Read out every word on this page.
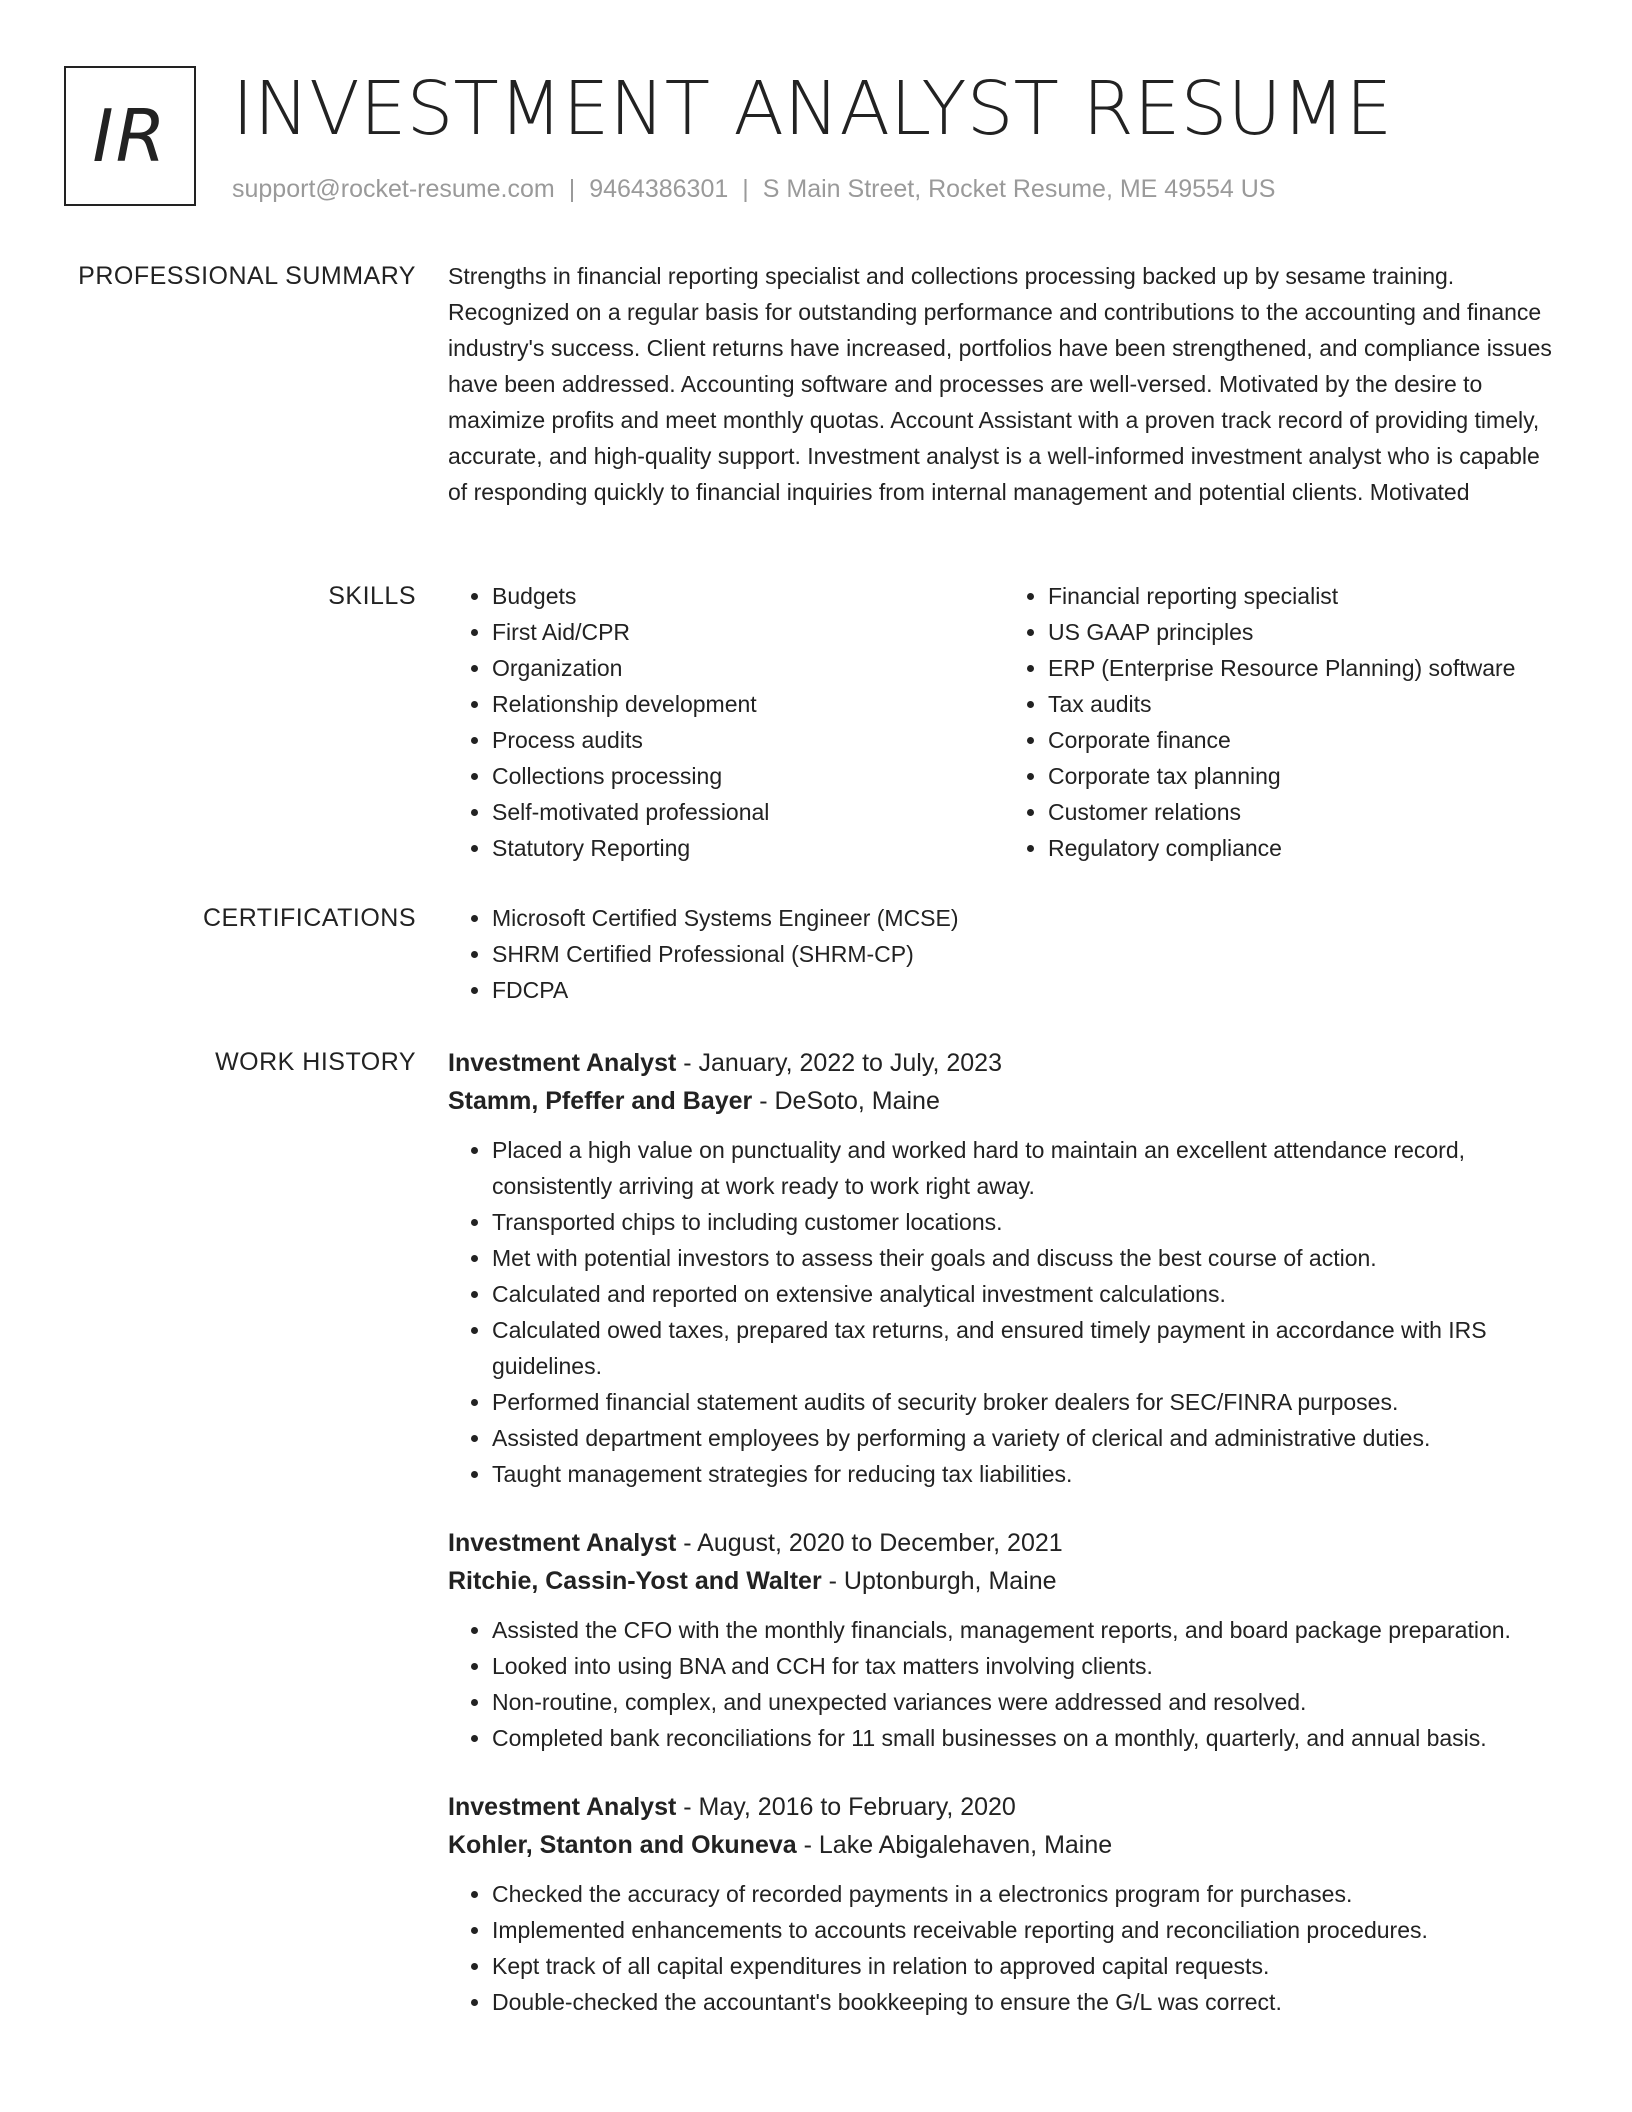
IR INVESTMENT ANALYST RESUME
support@rocket-resume.com | 9464386301 | S Main Street, Rocket Resume, ME 49554 US
PROFESSIONAL SUMMARY Strengths in financial reporting specialist and collections processing backed up by sesame training. Recognized on a regular basis for outstanding performance and contributions to the accounting and finance industry's success. Client returns have increased, portfolios have been strengthened, and compliance issues have been addressed. Accounting software and processes are well-versed. Motivated by the desire to maximize profits and meet monthly quotas. Account Assistant with a proven track record of providing timely, accurate, and high-quality support. Investment analyst is a well-informed investment analyst who is capable of responding quickly to financial inquiries from internal management and potential clients. Motivated
SKILLS	• Budgets
• First Aid/CPR
• Organization
• Relationship development
• Process audits
• Collections processing
• Self-motivated professional
• Statutory Reporting
• Financial reporting specialist
• US GAAP principles
• ERP (Enterprise Resource Planning) software
• Tax audits
• Corporate finance
• Corporate tax planning
• Customer relations
• Regulatory compliance
CERTIFICATIONS	• Microsoft Certified Systems Engineer (MCSE)
• SHRM Certified Professional (SHRM-CP)
• FDCPA
WORK HISTORY Investment Analyst - January, 2022 to July, 2023
Stamm, Pfeffer and Bayer - DeSoto, Maine
• Placed a high value on punctuality and worked hard to maintain an excellent attendance record, consistently arriving at work ready to work right away.
• Transported chips to including customer locations.
• Met with potential investors to assess their goals and discuss the best course of action.
• Calculated and reported on extensive analytical investment calculations.
• Calculated owed taxes, prepared tax returns, and ensured timely payment in accordance with IRS guidelines.
• Performed financial statement audits of security broker dealers for SEC/FINRA purposes.
• Assisted department employees by performing a variety of clerical and administrative duties.
• Taught management strategies for reducing tax liabilities.
Investment Analyst - August, 2020 to December, 2021
Ritchie, Cassin-Yost and Walter - Uptonburgh, Maine
• Assisted the CFO with the monthly financials, management reports, and board package preparation.
• Looked into using BNA and CCH for tax matters involving clients.
• Non-routine, complex, and unexpected variances were addressed and resolved.
• Completed bank reconciliations for 11 small businesses on a monthly, quarterly, and annual basis.
Investment Analyst - May, 2016 to February, 2020
Kohler, Stanton and Okuneva - Lake Abigalehaven, Maine
• Checked the accuracy of recorded payments in a electronics program for purchases.
• Implemented enhancements to accounts receivable reporting and reconciliation procedures.
• Kept track of all capital expenditures in relation to approved capital requests.
• Double-checked the accountant's bookkeeping to ensure the G/L was correct.
